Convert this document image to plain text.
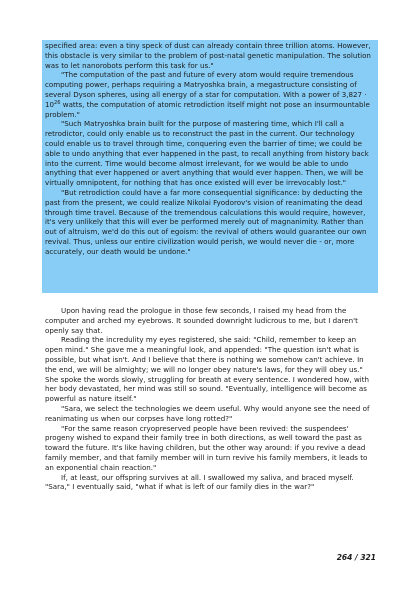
specified area: even a tiny speck of dust can already contain three trillion atoms. However, this obstacle is very similar to the problem of post-natal genetic manipulation. The solution was to let nanorobots perform this task for us."

"The computation of the past and future of every atom would require tremendous computing power, perhaps requiring a Matryoshka brain, a megastructure consisting of several Dyson spheres, using all energy of a star for computation. With a power of $3,827 \cdot 10^{26}$ watts, the computation of atomic retrodiction itself might not pose an insurmountable problem."

"Such Matryoshka brain built for the purpose of mastering time, which I'll call a retrodictor, could only enable us to reconstruct the past in the current. Our technology could enable us to travel through time, conquering even the barrier of time; we could be able to undo anything that ever happened in the past, to recall anything from history back into the current. Time would become almost irrelevant, for we would be able to undo anything that ever happened or avert anything that would ever happen. Then, we will be virtually omnipotent, for nothing that has once existed will ever be irrevocably lost."

"But retrodiction could have a far more consequential significance: by deducting the past from the present, we could realize Nikolai Fyodorov's vision of reanimating the dead through time travel. Because of the tremendous calculations this would require, however, it's very unlikely that this will ever be performed merely out of magnanimity. Rather than out of altruism, we'd do this out of egoism: the revival of others would guarantee our own revival. Thus, unless our entire civilization would perish, we would never die - or, more accurately, our death would be undone."

Upon having read the prologue in those few seconds, I raised my head from the computer and arched my eyebrows. It sounded downright ludicrous to me, but I daren't openly say that.

Reading the incredulity my eyes registered, she said: "Child, remember to keep an open mind." She gave me a meaningful look, and appended: "The question isn't what is possible, but what isn't. And I believe that there is nothing we somehow can't achieve. In the end, we will be almighty; we will no longer obey nature's laws, for they will obey us." She spoke the words slowly, struggling for breath at every sentence. I wondered how, with her body devastated, her mind was still so sound. "Eventually, intelligence will become as powerful as nature itself."

"Sara, we select the technologies we deem useful. Why would anyone see the need of reanimating us when our corpses have long rotted?"

"For the same reason cryopreserved people have been revived: the suspendees' progeny wished to expand their family tree in both directions, as well toward the past as toward the future. It's like having children, but the other way around: if you revive a dead family member, and that family member will in turn revive his family members, it leads to an exponential chain reaction."

If, at least, our offspring survives at all. I swallowed my saliva, and braced myself. "Sara," I eventually said, "what if what is left of our family dies in the war?"

264 / 321
